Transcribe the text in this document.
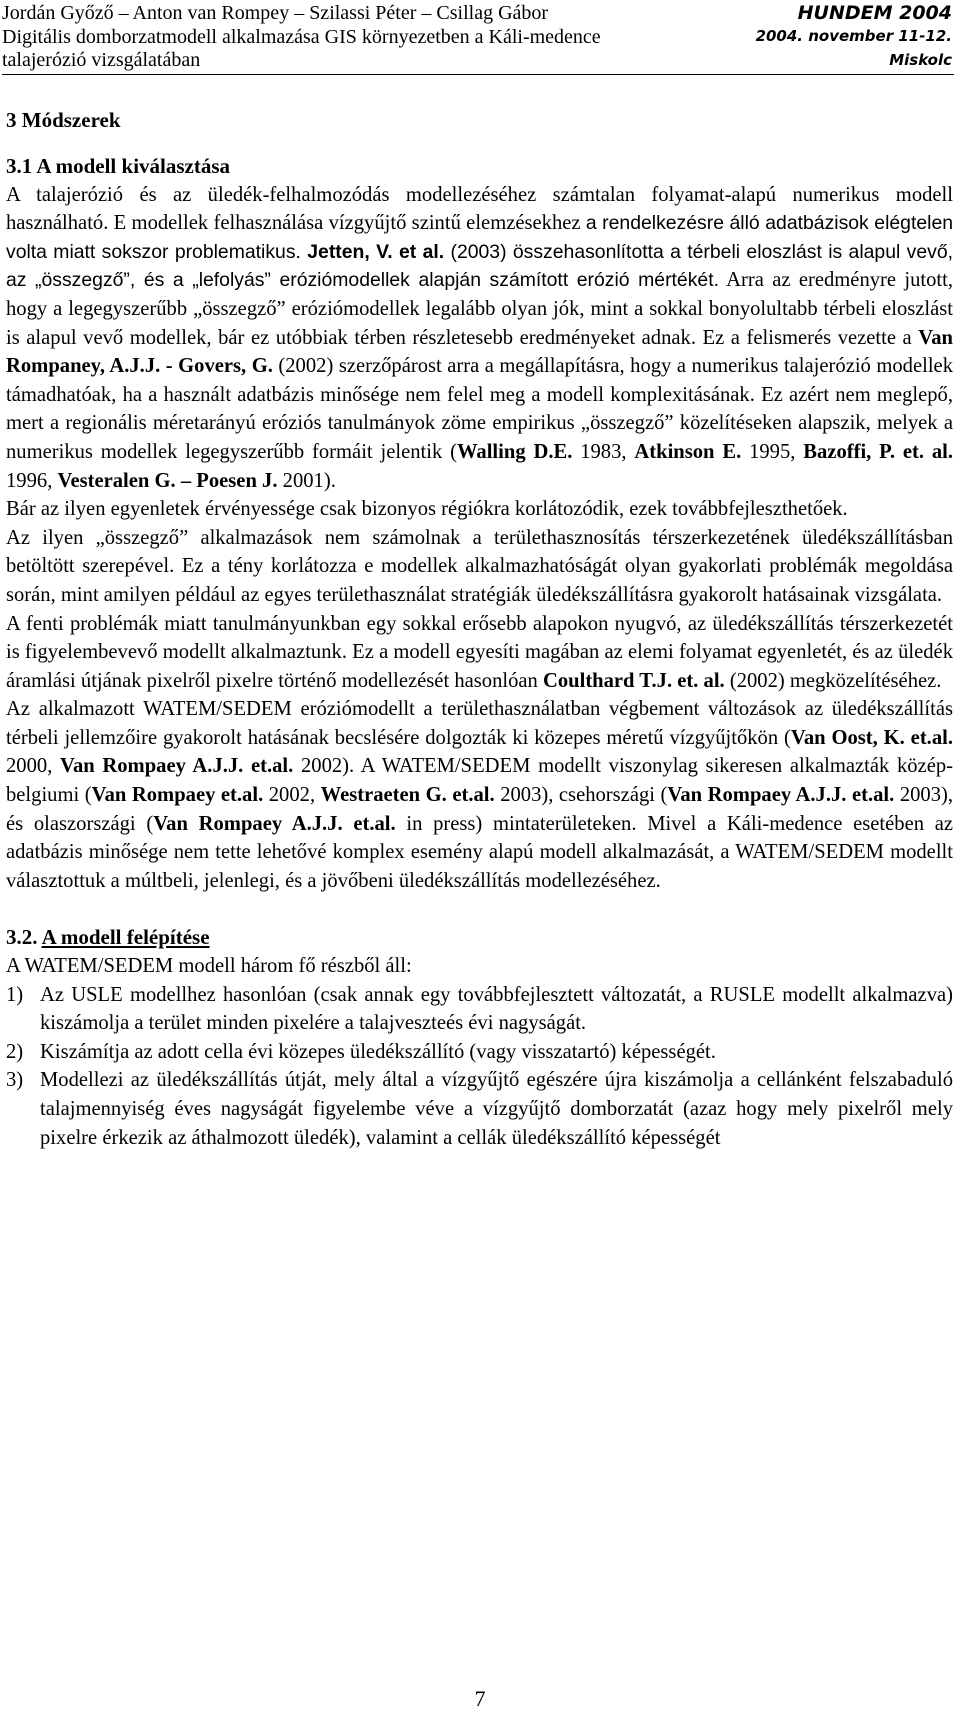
Jordán Győző – Anton van Rompey – Szilassi Péter – Csillag Gábor
Digitális domborzatmodell alkalmazása GIS környezetben a Káli-medence
talajerózió vizsgálatában
HUNDEM 2004
2004. november 11-12.
Miskolc
3 Módszerek
3.1 A modell kiválasztása

A talajerózió és az üledék-felhalmozódás modellezéséhez számtalan folyamat-alapú numerikus modell használható. E modellek felhasználása vízgyűjtő szintű elemzésekhez a rendelkezésre álló adatbázisok elégtelen volta miatt sokszor problematikus. Jetten, V. et al. (2003) összehasonlította a térbeli eloszlást is alapul vevő, az „összegző”, és a „lefolyás” eróziómodellek alapján számított erózió mértékét. Arra az eredményre jutott, hogy a legegyszerűbb „összegző” eróziómodellek legalább olyan jók, mint a sokkal bonyolultabb térbeli eloszlást is alapul vevő modellek, bár ez utóbbiak térben részletesebb eredményeket adnak. Ez a felismerés vezette a Van Rompaney, A.J.J. - Govers, G. (2002) szerzőpárost arra a megállapításra, hogy a numerikus talajerózió modellek támadhatóak, ha a használt adatbázis minősége nem felel meg a modell komplexitásának. Ez azért nem meglepő, mert a regionális méretarányú eróziós tanulmányok zöme empirikus „összegző” közelítéseken alapszik, melyek a numerikus modellek legegyszerűbb formáit jelentik (Walling D.E. 1983, Atkinson E. 1995, Bazoffi, P. et. al. 1996, Vesteralen G. – Poesen J. 2001).

Bár az ilyen egyenletek érvényessége csak bizonyos régiókra korlátozódik, ezek továbbfejleszthetőek.

Az ilyen „összegző” alkalmazások nem számolnak a területhasznosítás térszerkezetének üledékszállításban betöltött szerepével. Ez a tény korlátozza e modellek alkalmazhatóságát olyan gyakorlati problémák megoldása során, mint amilyen például az egyes területhasználat stratégiák üledékszállításra gyakorolt hatásainak vizsgálata.

A fenti problémák miatt tanulmányunkban egy sokkal erősebb alapokon nyugvó, az üledékszállítás térszerkezetét is figyelembevevő modellt alkalmaztunk. Ez a modell egyesíti magában az elemi folyamat egyenletét, és az üledék áramlási útjának pixelről pixelre történő modellezését hasonlóan Coulthard T.J. et. al. (2002) megközelítéséhez.

Az alkalmazott WATEM/SEDEM eróziómodellt a területhasználatban végbement változások az üledékszállítás térbeli jellemzőire gyakorolt hatásának becslésére dolgozták ki közepes méretű vízgyűjtőkön (Van Oost, K. et.al. 2000, Van Rompaey A.J.J. et.al. 2002). A WATEM/SEDEM modellt viszonylag sikeresen alkalmazták közép-belgiumi (Van Rompaey et.al. 2002, Westraeten G. et.al. 2003), csehországi (Van Rompaey A.J.J. et.al. 2003), és olaszországi (Van Rompaey A.J.J. et.al. in press) mintaterületeken. Mivel a Káli-medence esetében az adatbázis minősége nem tette lehetővé komplex esemény alapú modell alkalmazását, a WATEM/SEDEM modellt választottuk a múltbeli, jelenlegi, és a jövőbeni üledékszállítás modellezéséhez.

3.2. A modell felépítése

A WATEM/SEDEM modell három fő részből áll:

1) Az USLE modellhez hasonlóan (csak annak egy továbbfejlesztett változatát, a RUSLE modellt alkalmazva) kiszámolja a terület minden pixelére a talajveszteés évi nagyságát.
2) Kiszámítja az adott cella évi közepes üledékszállító (vagy visszatartó) képességét.
3) Modellezi az üledékszállítás útját, mely által a vízgyűjtő egészére újra kiszámolja a cellánként felszabaduló talajmennyiség éves nagyságát figyelembe véve a vízgyűjtő domborzatát (azaz hogy mely pixelről mely pixelre érkezik az áthalmozott üledék), valamint a cellák üledékszállító képességét
7
